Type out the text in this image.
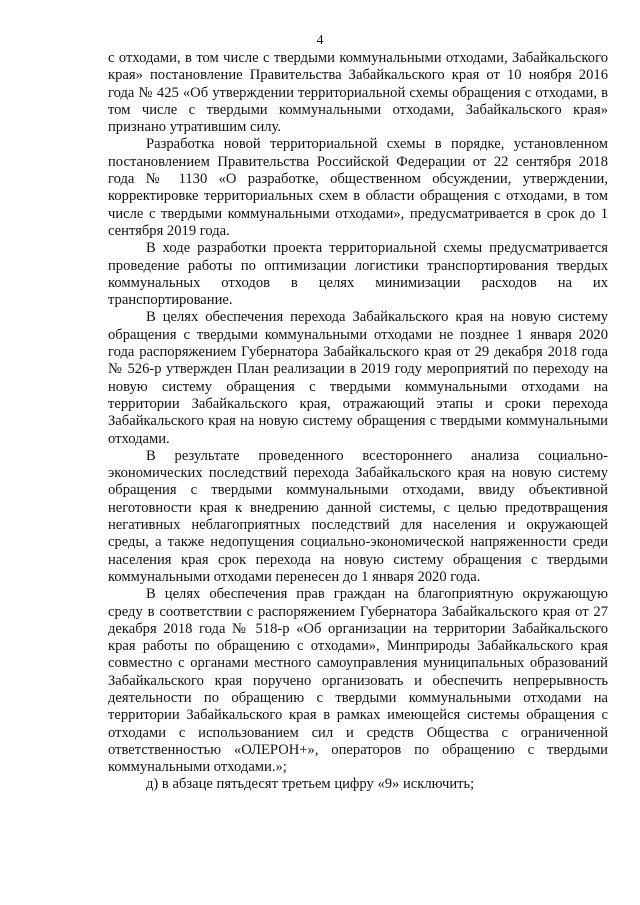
4

с отходами, в том числе с твердыми коммунальными отходами, Забайкальского края» постановление Правительства Забайкальского края от 10 ноября 2016 года № 425 «Об утверждении территориальной схемы обращения с отходами, в том числе с твердыми коммунальными отходами, Забайкальского края» признано утратившим силу.

Разработка новой территориальной схемы в порядке, установленном постановлением Правительства Российской Федерации от 22 сентября 2018 года № 1130 «О разработке, общественном обсуждении, утверждении, корректировке территориальных схем в области обращения с отходами, в том числе с твердыми коммунальными отходами», предусматривается в срок до 1 сентября 2019 года.

В ходе разработки проекта территориальной схемы предусматривается проведение работы по оптимизации логистики транспортирования твердых коммунальных отходов в целях минимизации расходов на их транспортирование.

В целях обеспечения перехода Забайкальского края на новую систему обращения с твердыми коммунальными отходами не позднее 1 января 2020 года распоряжением Губернатора Забайкальского края от 29 декабря 2018 года № 526-р утвержден План реализации в 2019 году мероприятий по переходу на новую систему обращения с твердыми коммунальными отходами на территории Забайкальского края, отражающий этапы и сроки перехода Забайкальского края на новую систему обращения с твердыми коммунальными отходами.

В результате проведенного всестороннего анализа социально-экономических последствий перехода Забайкальского края на новую систему обращения с твердыми коммунальными отходами, ввиду объективной неготовности края к внедрению данной системы, с целью предотвращения негативных неблагоприятных последствий для населения и окружающей среды, а также недопущения социально-экономической напряженности среди населения края срок перехода на новую систему обращения с твердыми коммунальными отходами перенесен до 1 января 2020 года.

В целях обеспечения прав граждан на благоприятную окружающую среду в соответствии с распоряжением Губернатора Забайкальского края от 27 декабря 2018 года № 518-р «Об организации на территории Забайкальского края работы по обращению с отходами», Минприроды Забайкальского края совместно с органами местного самоуправления муниципальных образований Забайкальского края поручено организовать и обеспечить непрерывность деятельности по обращению с твердыми коммунальными отходами на территории Забайкальского края в рамках имеющейся системы обращения с отходами с использованием сил и средств Общества с ограниченной ответственностью «ОЛЕРОН+», операторов по обращению с твердыми коммунальными отходами.»;

д) в абзаце пятьдесят третьем цифру «9» исключить;
